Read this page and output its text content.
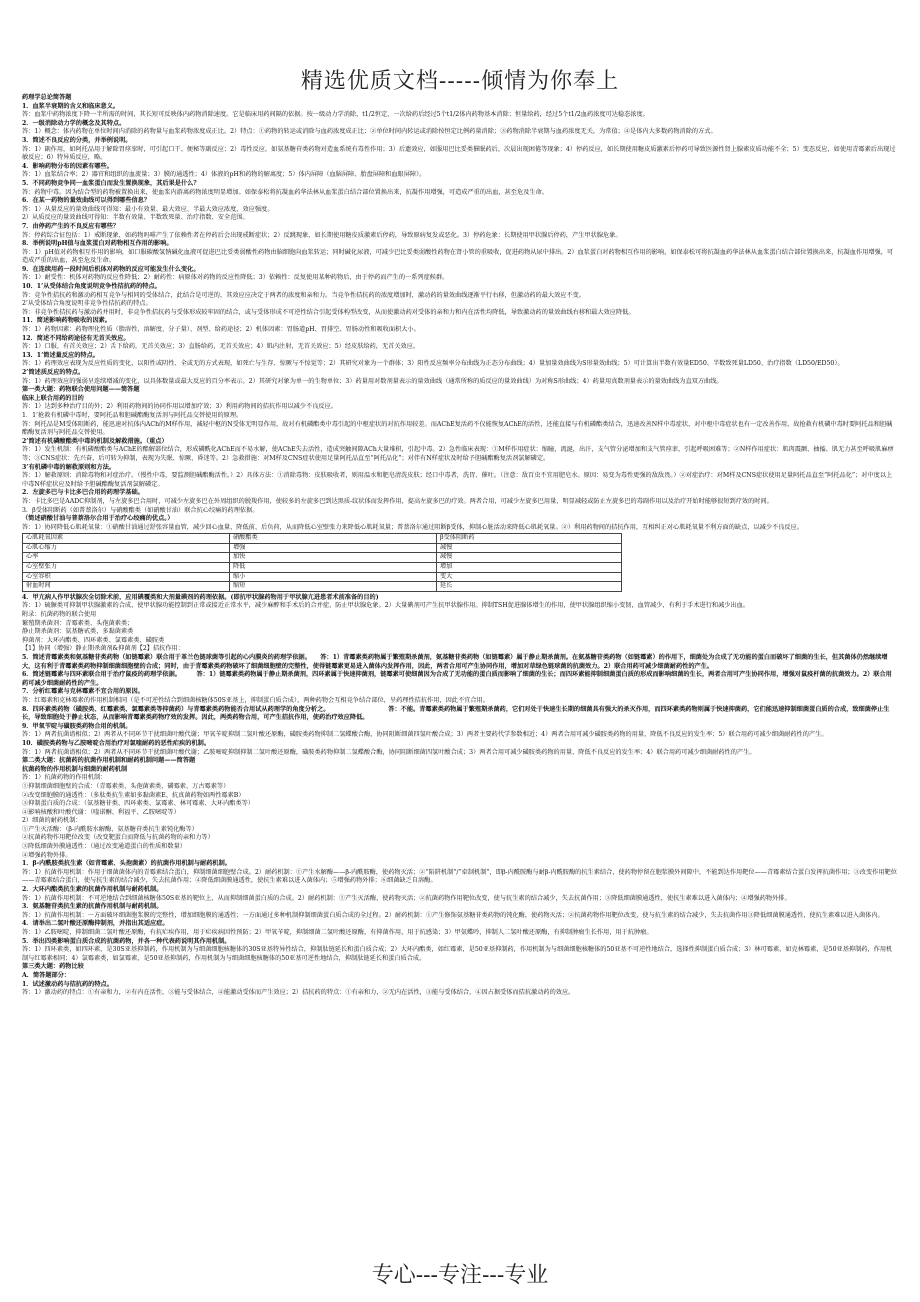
精选优质文档-----倾情为你奉上

药理学总论简答题

1．血浆半衰期的含义和临床意义。

答：血浆中药物浓度下降一半所需的时间，其长短可反映体内药物消除速度。它是临床用药间隔的依据。按一级动力学消除，t1/2恒定，一次给药后经过5个t1/2体内药物基本消除；恒量给药，经过5个t1/2血药浓度可达稳态浓度。

2．一级消除动力学的概念及其特点。

答：1）概念：体内药物在单位时间内消除的药物量与血浆药物浓度成正比。2）特点：①药物的转运或消除与血药浓度成正比；②单位时间内转运或消除按恒定比例药量消除；③药物消除半衰期与血药浓度无关，为常值；④是体内大多数药物消除的方式。

3．简述不良反应的分类，并举例说明。

答：1）副作用，如阿托品用于解除胃痉挛时，可引起口干、便秘等副反应；2）毒性反应，如氨基糖苷类药物对造血系统有毒性作用；3）后遗效应，如服用巴比妥类催眠药后，次晨出现困倦等现象；4）停药反应，如长期使用糖皮质激素后停药可导致医源性肾上腺素皮质功能不全；5）变态反应，如使用青霉素后出现过敏反应；6）特异质反应，略。

4．影响药物分布的因素有哪些。

答：1）血浆结合率；2）器官和组织的血流量；3）膜的通透性；4）体液的pH和药物的解离度；5）体内屏障（血脑屏障、胎盘屏障和血眼屏障）。

5．不同药物竞争同一血浆蛋白而发生置换现象，其后果是什么？

答：药物中毒。因为结合型的药物被置换出来，使血浆内游离药物浓度明显增加。如保泰松将抗凝血药华法林从血浆蛋白结合部位置换出来，抗凝作用增强，可造成严重的出血，甚至危及生命。

6．在某一药物的量效曲线可以得到哪些信息？

答：1）从量反应的量效曲线可得知：最小有效量、最大效应、半最大效应浓度、效应强度。

2）从质反应的量效曲线可得知：半数有效量、半数致死量、治疗指数、安全范围。

7．由停药产生的不良反应有哪些？

答：停药综合征包括：1）戒断现象，如药物吗啡产生了依赖性者在停药后会出现戒断症状；2）反跳现象，如长期使用糖皮质激素后停药，导致原病复发或恶化。3）停药危象：长期使用甲状腺后停药，产生甲状腺危象。

8．举例说明pH值与血浆蛋白对药物相互作用的影响。

答：1）pH值对药物相互作用的影响，如口服碳酸氢钠碱化血液可促进巴比妥类弱酸性药物由脑细胞向血浆转运；同时碱化尿液，可减少巴比妥类弱酸性药物在肾小管的重吸收，促进药物从尿中排出。2）血浆蛋白对药物相互作用的影响，如保泰松可将抗凝血药华法林从血浆蛋白结合部位置换出来，抗凝血作用增强，可造成严重的出血，甚至危及生命。

9．在连续用药一段时间后机体对药物的反应可能发生什么变化。

答：1）耐受性：机体对药物的反应性降低；2）耐药性：病原体对药物的反应性降低；3）依赖性：反复使用某种药物后，由于停药而产生的一系列症候群。

10．1’从受体结合角度说明竞争性拮抗药的特点。

答：竞争性拮抗药和激动药相互竞争与相同的受体结合，此结合是可逆的，其效应应决定于两者的浓度和亲和力。当竞争性拮抗药的浓度增加时，激动药的量效曲线逐渐平行右移，但激动药的最大效应不变。

2’从受体结合角度说明非竞争性拮抗药的特点。

答：非竞争性拮抗药与激动药并用时，非竞争性拮抗药与受体形成较牢固的结合，或与受体形成不可逆性结合引起受体构型改变，从而使激动药对受体的亲和力和内在活性均降低，导致激动药的量效曲线右移和最大效应降低。

11．简述影响药物吸收的因素。

答：1）药物因素：药物理化性质（脂溶性、溶解度、分子量）、剂型、给药途径；2）机体因素：胃肠道pH、胃排空、胃肠动性和吸收面积大小。

12．简述不同给药途径有无首关效应。

答：1）口服，有首关效应；2）舌下给药，无首关效应；3）直肠给药，无首关效应；4）肌内注射，无首关效应；5）经皮肤给药，无首关效应。

13．1’简述量反应的特点。

答：1）药理效应表现为反应性质的变化，以阳性或阴性、全或无的方式表现，如死亡与生存、惊厥与不惊觉等；2）其研究对象为一个群体；3）阳性反应频率分布曲线为正态分布曲线；4）量加量效曲线为S形量效曲线；5）可计算出半数有效量ED50、半数致死量LD50、治疗指数（LD50/ED50）。

2’简述质反应的特点。

答：1）药理效应的强弱呈连续增减的变化，以具体数量或最大反应的百分率表示。2）其研究对象为单一的生物单位；3）药量用对数剂量表示的量效曲线（通常所称的质反应的量效曲线）为对称S形曲线；4）药量用真数剂量表示的量效曲线为直双方曲线。

第一类大题：药物联合使用问题——简答题

临床上联合用药的目的

答：1）达到多种治疗目的外；2）利用药物间的协同作用以增加疗效；3）利用药物间的拮抗作用以减少不良反应。

1．1’抢救有机磷中毒时，要阿托品和胆碱酯酶复活剂与阿托品交替使用的原理。

答：阿托品是M受体阻断药，能迅速对抗体内ACh的M样作用，减轻中枢的N受体无明显作用，故对有机磷酯类中毒引起的中枢症状的对抗作用较差。而AChE复活药不仅能恢复AChE的活性，还能直接与有机磷酯类结合，迅速改善N样中毒症状，对中枢中毒症状也有一定改善作用，故抢救有机磷中毒时要阿托品和胆碱酯酶复活剂与阿托品交替使用。

2’简述有机磷酸酯类中毒的机制及解救措施。（重点）

答：1）发生机制：有机磷酸酯类与AChE的酯解部位结合，形成磷酰化AChE而不易水解，使AChE失去活性，造成突触间隙ACh大量堆积，引起中毒。2）急性临床表现：①M样作用症状：缩瞳，流涎，出汗，支气管分泌增加和支气管痉挛，引起呼吸困难等；②N样作用症状：肌肉震颤、抽搐、肌无力甚至呼吸肌麻痹等；③CNS症状：先兴奋，后可转为抑制，表现为失眠、惊厥、昏迷等。2）急救措施：对M样及CNS症状使用足量阿托品直至“阿托品化”；对伴有N样症状及时给予胆碱酯酶复活剂氯解磷定。

3’有机磷中毒的解救原则和方法。

答：1）解救原则：消除毒物和对症治疗。（慢性中毒，要监测胆碱酯酶活性。）2）具体方法：①消除毒物：皮肤吸收者，则用温水和肥皂清洗皮肤；经口中毒者，洗胃、催吐。（注意：敌百虫不宜用肥皂水。原因：易变为毒性更强的敌敌畏。）②对症治疗：对M样及CNS症状使用足量阿托品直至“阿托品化”；对中度以上中毒N样症状应及时给予胆碱酯酶复活剂氯解磷定。

2．左旋多巴与卡比多巴合用的药理学基础。

答：卡比多巴是AADC抑制剂，与左旋多巴合用时，可减少左旋多巴在外周组织的脱羧作用，使较多的左旋多巴到达黑质-纹状体而发挥作用，提高左旋多巴的疗效。两者合用，可减少左旋多巴用量，明显减轻或防止左旋多巴的毒副作用以及治疗开始时能够很短到疗效的时间。

3．β受体阻断药（如普萘洛尔）与硝酸酯类（如硝酸甘油）联合抗心绞痛的药理依据。

（简述硝酸甘油与普萘洛尔合用于治疗心绞痛的优点。）

答：1）协同降低心肌耗氧量：①硝酸甘油通过舒张容量血管，减少回心血量，降低前、后负荷，从而降低心室壁张力来降低心肌耗氧量；普萘洛尔通过阻断β受体，抑制心脏活动来降低心肌耗氧量。②）利用药物间的拮抗作用，互相纠正对心肌耗氧量不利方面的缺点，以减少不良反应。

心肌耗氧因素	硝酸酯类	β受体阻断药
心肌心缩力	增强	减慢
心率	加快	减慢
心室壁张力	降低	增加
心室容积	缩小	变大
射血时间	缩短	延长

4．甲亢病人作甲状腺次全切除术前，应用碘覆类和大剂量碘剂的药理依据。(即抗甲状腺药物用于甲状腺亢进患者术前准备的目的)

答：1）硫脲类可抑制甲状腺激素的合成，使甲状腺功能控制到正常或接近正常水平，减少麻醉和手术后的合并症，防止甲状腺危象。2）大量碘剂可产生抗甲状腺作用。抑制TSH促进腺体增生的作用，使甲状腺组织缩小变韧，血管减少，有利于手术进行和减少出血。

附录：抗菌药物的联合使用

繁殖期杀菌剂：青霉素类、头孢菌素类；

静止期杀菌剂：氨基糖甙类、多黏菌素类

抑菌剂：大环内酯类、四环素类、氯霉素类、磺胺类

【1】协同（增强）静止期杀菌剂&抑菌剂【2】拮抗作用：

5．简述青霉素类和氨基糖苷类药物（如链霉素）联合用于革兰色链球菌等引起的心内膜炎的药理学依据。　　答：1）青霉素类药物属于繁殖期杀菌剂，氨基糖苷类药物（如链霉素）属于静止期杀菌剂。在氨基糖苷类药物（如链霉素）的作用下，细菌处为合成了无功能的蛋白而破坏了细菌的生长，但其菌体仍然继续增大，这有利于青霉素类药物抑制细菌细胞壁的合成；同时，由于青霉素类药物破坏了细菌细胞壁的完整性，使得链霉素更易进入菌体内发挥作用，因此，两者合用可产生协同作用，增加对草绿色链球菌的抗菌效力。2）联合用药可减少细菌耐药性的产生。

6．简述链霉素与四环素联合用于治疗鼠疫的药理学依据。　　　答：1）链霉素类药物属于静止期杀菌剂，四环素属于快速抑菌剂，链霉素可使细菌因为合成了无功能的蛋白质而影响了细菌的生长；而四环素能抑制细菌蛋白质的形成而影响细菌的生长，两者合用可产生协同作用，增强对鼠疫杆菌的抗菌效力。2）联合用药可减少细菌耐药性的产生。

7．分析红霉素与克林霉素不宜合用的原因。

答：红霉素和克林霉素的作用机制相同（是不可逆性结合到细菌核糖体50S亚基上，抑制蛋白质合成），两种药物会互相竞争结合部位，呈药理性拮抗作用，因此不宜合用。

8．四环素类药物（磺胺类、红霉素类、氯霉素类等抑菌药）与青霉素类药物能否合用试从药理学的角度分析之。　　　　　　　　　　答：不能。青霉素类药物属于繁殖期杀菌药，它们对处于快速生长期的细菌具有强大的杀灭作用，而四环素类药物则属于快速抑菌药，它们能迅速抑制细菌蛋白质的合成，致细菌停止生长，导致细胞处于静止状态，从而影响青霉素类药物疗效的发挥。因此，两类药物合用，可产生拮抗作用，使药治疗效应降低。

9．甲氧苄啶与磺胺类药物合用的机制。

答：1）两者抗菌谱相似；2）两者从不同环节干扰细菌叶酸代谢；甲氧苄啶抑制二氢叶酸还原酶，磺胺类药物抑制二氢蝶酸合酶，协同阻断细菌四氢叶酸合成；3）两者主要药代学参数相近；4）两者合用可减少磺胺类药物的用量，降低不良反应的发生率；5）联合用药可减少细菌耐药性的产生。

10．磺胺类药物与乙胺嘧啶合用治疗对氯喹耐药的恶性疟疾的机制。

答：1）两者抗菌谱相似；2）两者从不同环节干扰细菌叶酸代谢；乙胺嘧啶抑制抑制二氢叶酸还原酶，磺胺类药物抑制二氢蝶酸合酶，协同阻断细菌四氢叶酸合成；3）两者合用可减少磺胺类药物的用量，降低不良反应的发生率；4）联合用药可减少细菌耐药性的产生。

第二类大题：抗菌药的抗菌作用机制和耐药机制问题——简答题

抗菌药物的作用机制与细菌的耐药机制

答：1）抗菌药物的作用机制：

①抑制细菌细胞壁的合成：（青霉素类、头孢菌素类、磷霉素、万古霉素等）

②改变细胞膜的通透性：（多肽类抗生素如多黏菌素E、抗真菌药物如两性霉素B）

③抑制蛋白质的合成：（氨基糖苷类、四环素类、氯霉素、林可霉素、大环内酯类等）

④影响核酸和叶酸代谢：（喹诺酮、利福平、乙胺嘧啶等）

2）细菌的耐药机制：

①产生灭活酶：（β-内酰胺水解酶、氨基糖苷类抗生素钝化酶等）

②抗菌药物作用靶位改变（改变靶蛋白而降低与抗菌药物的亲和力等）

③降低细菌外膜通透性：（通过改变通道蛋白的性质和数量）

④增强药物外排。

1．β-内酰胺类抗生素（如青霉素、头孢菌素）的抗菌作用机制与耐药机制。

答：1）抗菌作用机制：作用于细菌菌体内的青霉素结合蛋白，抑制细菌细胞壁合成。2）耐药机制：①产生水解酶——β-内酰胺酶，使药物灭活；②“陷阱机制”/“牵制机制”，即β-内酰胺酶与耐β-内酰胺酶的抗生素结合，使药物停留在胞浆膜外间隙中，不能到达作用靶位——青霉素结合蛋白发挥抗菌作用；③改变作用靶位——青霉素结合蛋白，使与抗生素的结合减少，失去抗菌作用；④降低细菌膜通透性，使抗生素难以进入菌体内；⑤增强药物外排；⑥细菌缺乏自溶酶。

2．大环内酯类抗生素的抗菌作用机制与耐药机制。

答：1）抗菌作用机制：不可逆地结合到细菌核糖体50S亚基的靶位上，从而抑制细菌蛋白质的合成。2）耐药机制：①产生灭活酶，使药物灭活；②抗菌药物作用靶位改变，使与抗生素的结合减少，失去抗菌作用；③降低细菌膜通透性，使抗生素难以进入菌体内；④增强药物外排。

3．氨基糖苷类抗生素的抗菌作用机制与耐药机制。

答：1）抗菌作用机制：一方面破坏细菌胞浆膜的完整性，增加细胞膜的通透性；一方面通过多种机制抑制细菌蛋白质合成的全过程。2）耐药机制：①产生修饰氨基糖苷类药物的钝化酶，使药物灭活；②抗菌药物作用靶位改变，使与抗生素的结合减少，失去抗菌作用③降低细菌膜通透性，使抗生素难以进入菌体内。

4．请举出二氢叶酸还原酶抑制剂，并指出其适应症。

答：1）乙胺嘧啶，抑制细菌二氢叶酸还原酶，有抗疟疾作用，用于疟疾病因性预防；2）甲氧苄啶，抑制细菌二氢叶酸还原酶，有抑菌作用，用于抗感染；3）甲氨蝶呤，抑制人二氢叶酸还原酶，有抑制肿瘤生长作用，用于抗肿瘤。

5．举出四类影响蛋白质合成的抗菌药物，并各一种代表药说明其作用机制。

答：1）四环素类，如四环素，是30S亚基抑制药，作用机制为与细菌细胞核糖体的30S亚基特异性结合，抑制肽链延长和蛋白质合成；2）大环内酯类，如红霉素，是50亚基抑制药，作用机制为与细菌细胞核糖体的50亚基不可逆性地结合，选择性抑制蛋白质合成；3）林可霉素，如克林霉素，是50亚基抑制药，作用机制与红霉素相同；4）氯霉素类，如氯霉素，是50亚基抑制药，作用机制为与细菌细胞核糖体的50亚基可逆性地结合，抑制肽链延长和蛋白质合成。

第三类大题：药物比较

A．简答题部分：

1．试述激动药与拮抗药的特点。

答：1）激动药的特点：①有亲和力，②有内在活性，③能与受体结合，④能激动受体而产生效应；2）拮抗药的特点：①有亲和力，②无内在活性，③能与受体结合，④因占据受体而拮抗激动药的效应。

专心---专注---专业
